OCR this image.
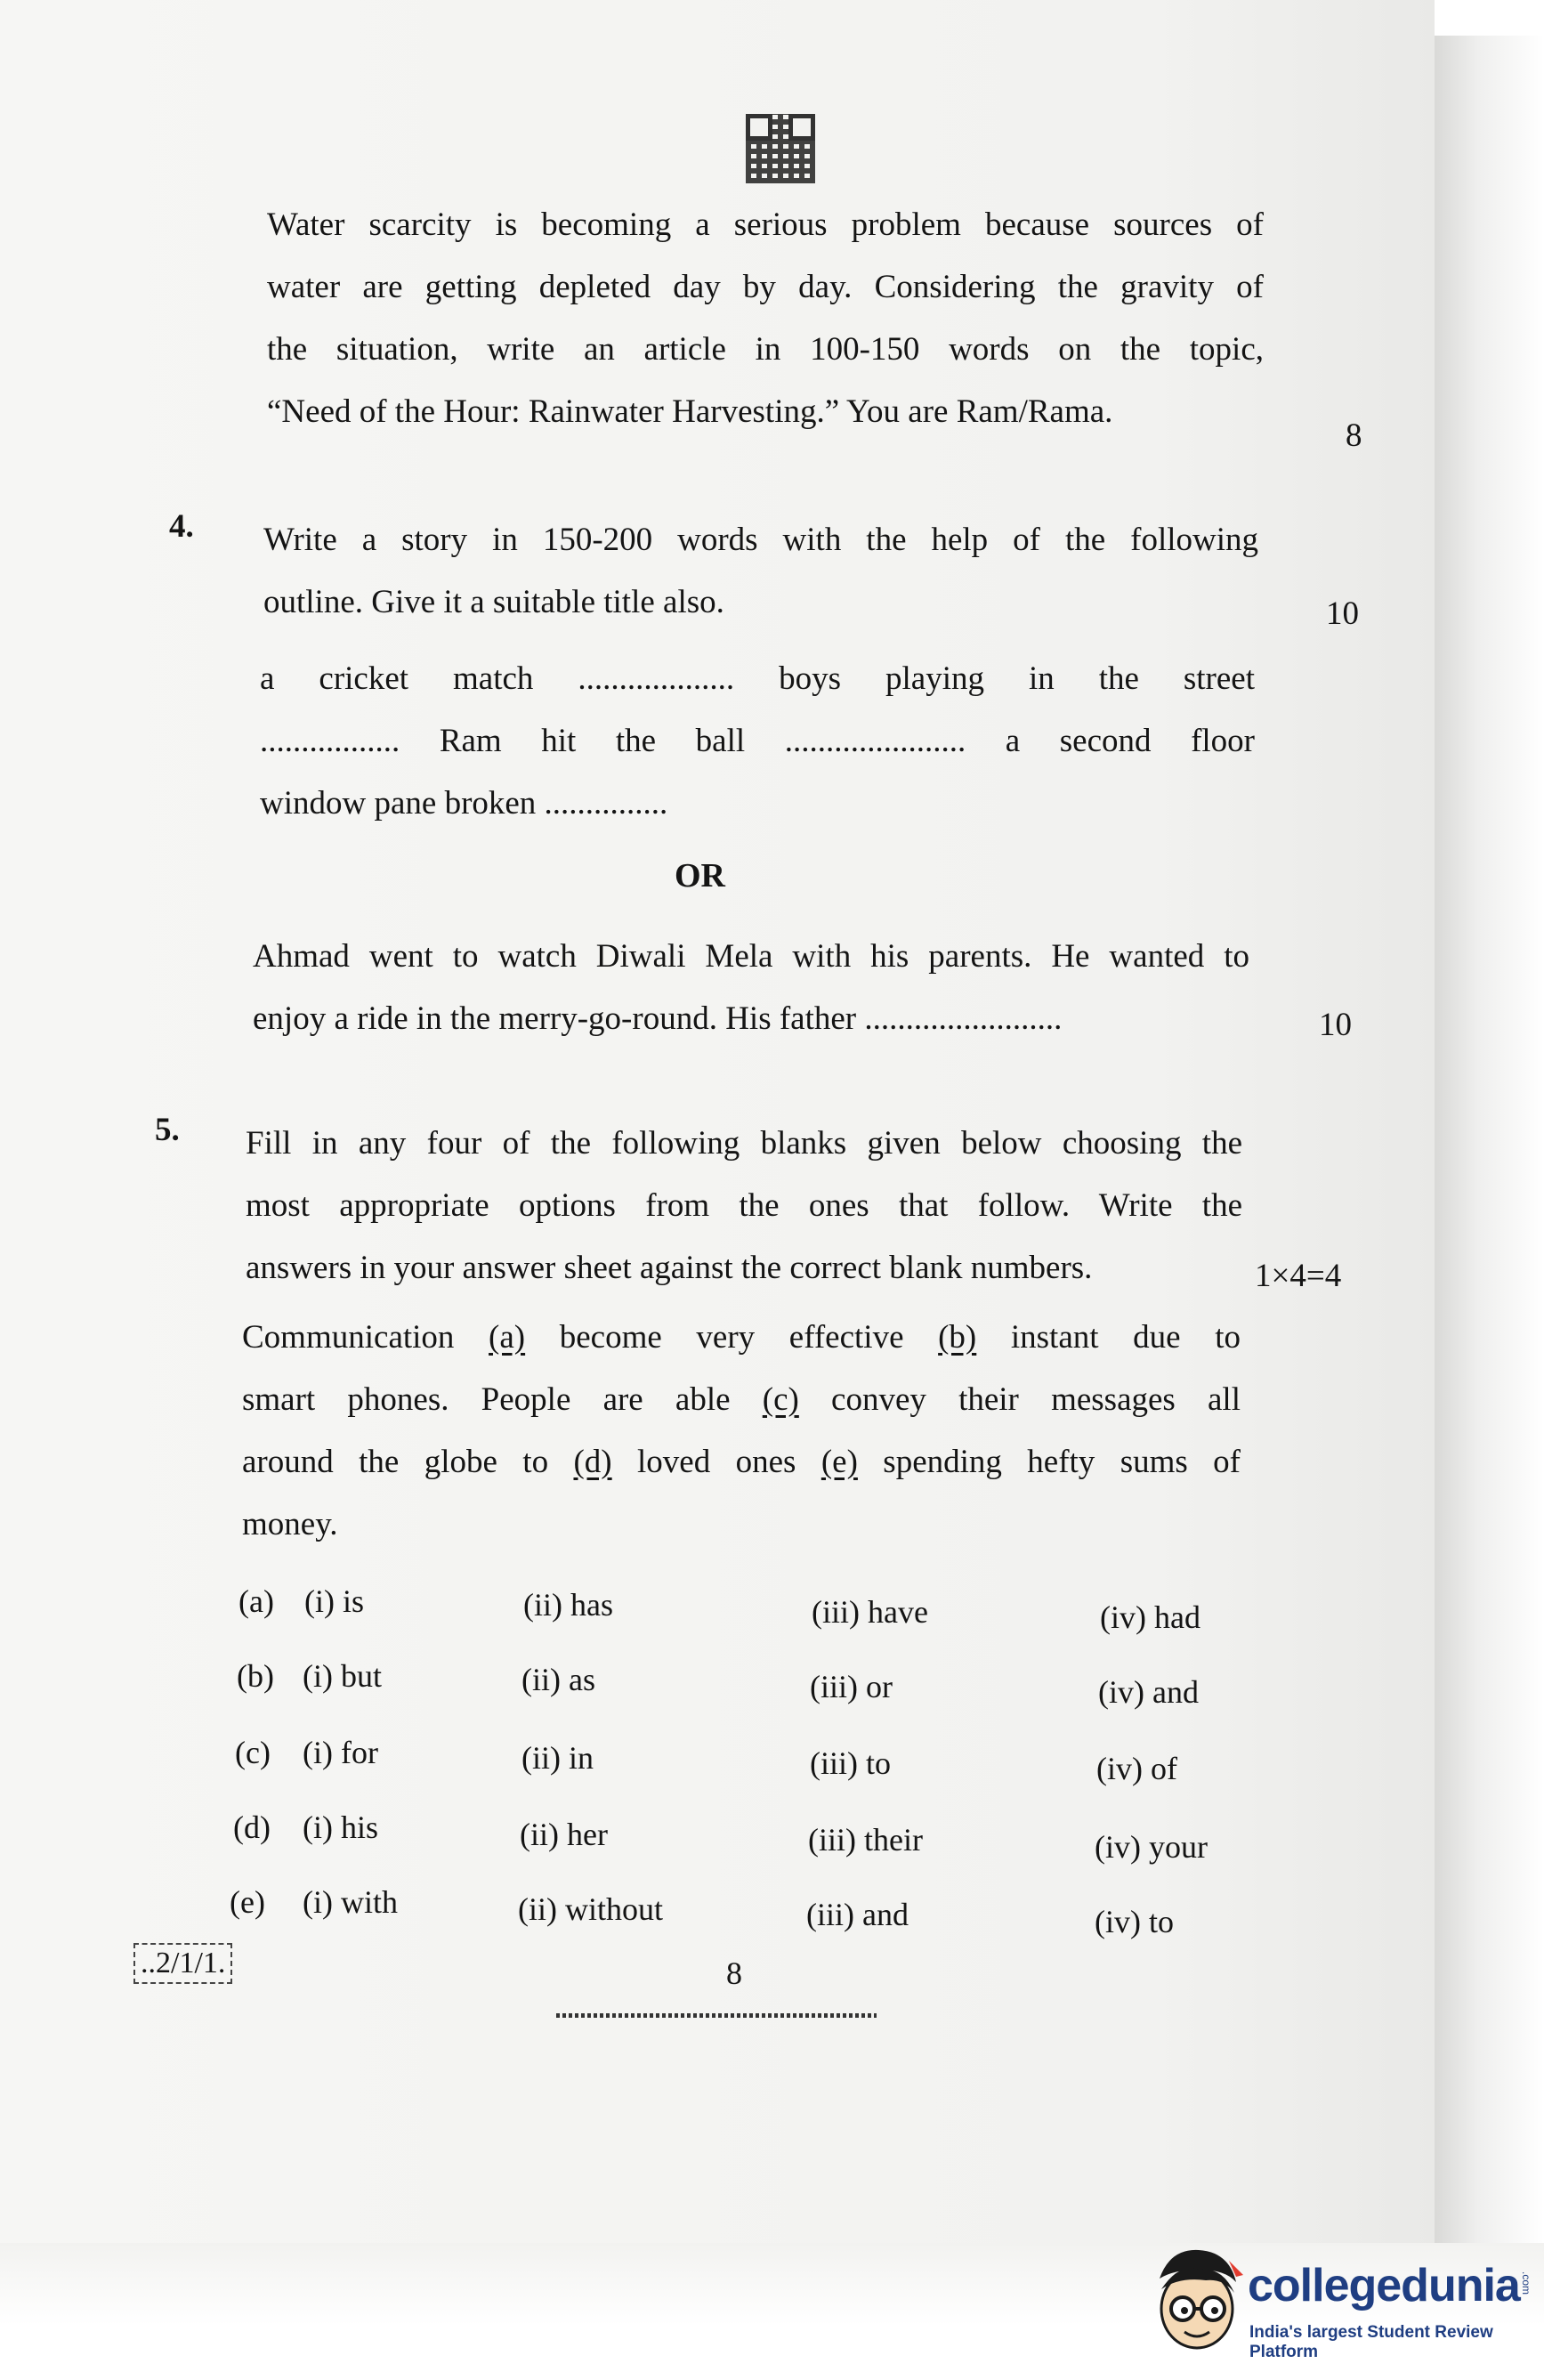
Water scarcity is becoming a serious problem because sources of
water are getting depleted day by day. Considering the gravity of
the situation, write an article in 100-150 words on the topic,
“Need of the Hour: Rainwater Harvesting.” You are Ram/Rama.
8
4. Write a story in 150-200 words with the help of the following
outline. Give it a suitable title also.	10
a cricket match ................... boys playing in the street
................. Ram hit the ball ...................... a second floor
window pane broken ...............
OR
Ahmad went to watch Diwali Mela with his parents. He wanted to
enjoy a ride in the merry-go-round. His father ........................	10
5. Fill in any four of the following blanks given below choosing the
most appropriate options from the ones that follow. Write the
answers in your answer sheet against the correct blank numbers.	1×4=4
Communication (a) become very effective (b) instant due to
smart phones. People are able (c) convey their messages all
around the globe to (d) loved ones (e) spending hefty sums of
money.
(a) (i) is	(ii) has	(iii) have	(iv) had
(b) (i) but	(ii) as	(iii) or	(iv) and
(c) (i) for	(ii) in	(iii) to	(iv) of
(d) (i) his	(ii) her	(iii) their	(iv) your
(e) (i) with	(ii) without	(iii) and	(iv) to
..2/1/1.	8
collegedunia .com
India's largest Student Review Platform
